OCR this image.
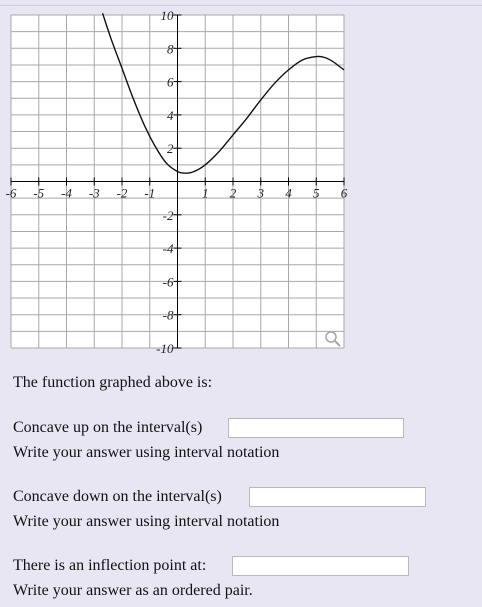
-6 -5 -4 -3 -2 -1	1 2 3 4 5 6
-10
-8
-6
-4
-2
2
4
6
8
10
The function graphed above is:
Concave up on the interval(s)
Write your answer using interval notation
Concave down on the interval(s)
Write your answer using interval notation
There is an inflection point at:
Write your answer as an ordered pair.
